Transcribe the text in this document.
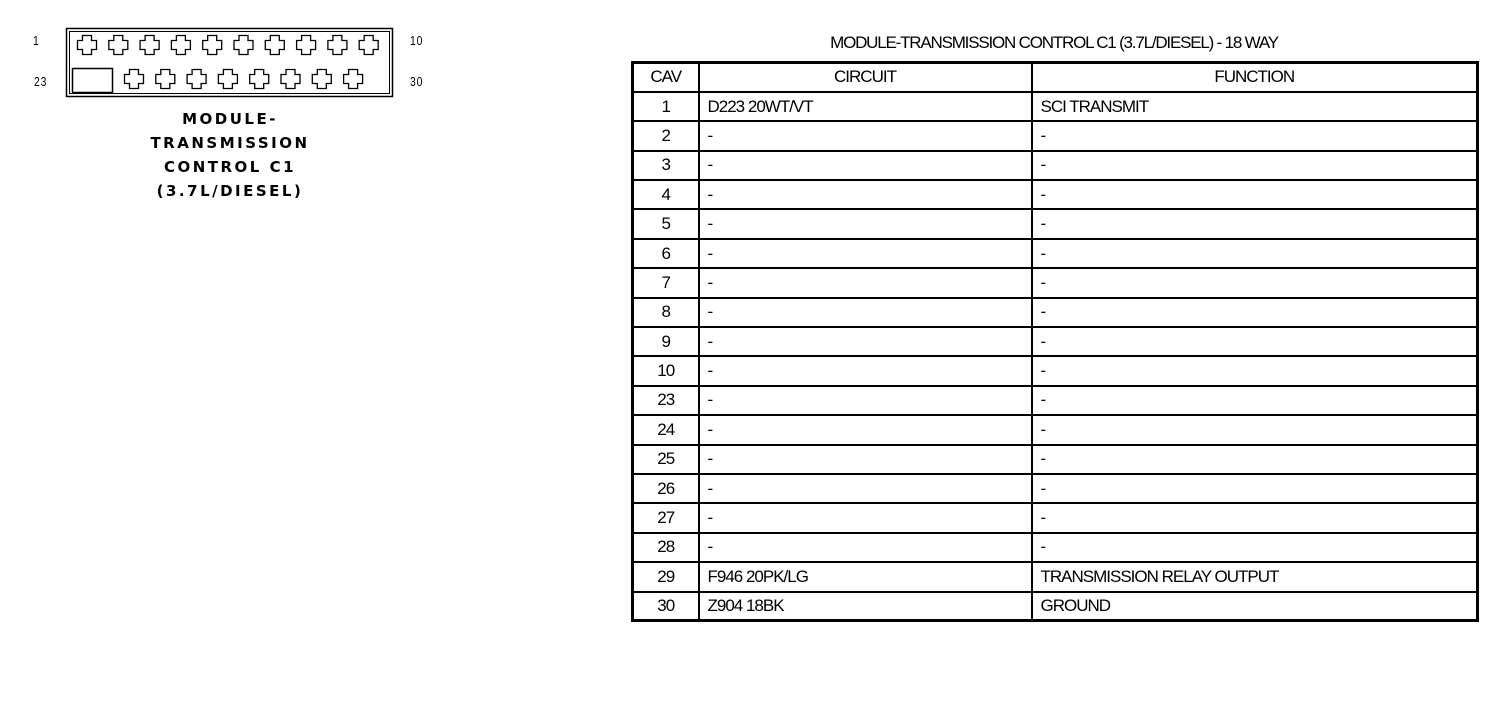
1
23
10
30
MODULE-
TRANSMISSION
CONTROL C1
(3.7L/DIESEL)
MODULE-TRANSMISSION CONTROL C1 (3.7L/DIESEL) - 18 WAY
CAV	CIRCUIT	FUNCTION
1	D223 20WT/VT	SCI TRANSMIT
2	-	-
3	-	-
4	-	-
5	-	-
6	-	-
7	-	-
8	-	-
9	-	-
10	-	-
23	-	-
24	-	-
25	-	-
26	-	-
27	-	-
28	-	-
29	F946 20PK/LG	TRANSMISSION RELAY OUTPUT
30	Z904 18BK	GROUND
